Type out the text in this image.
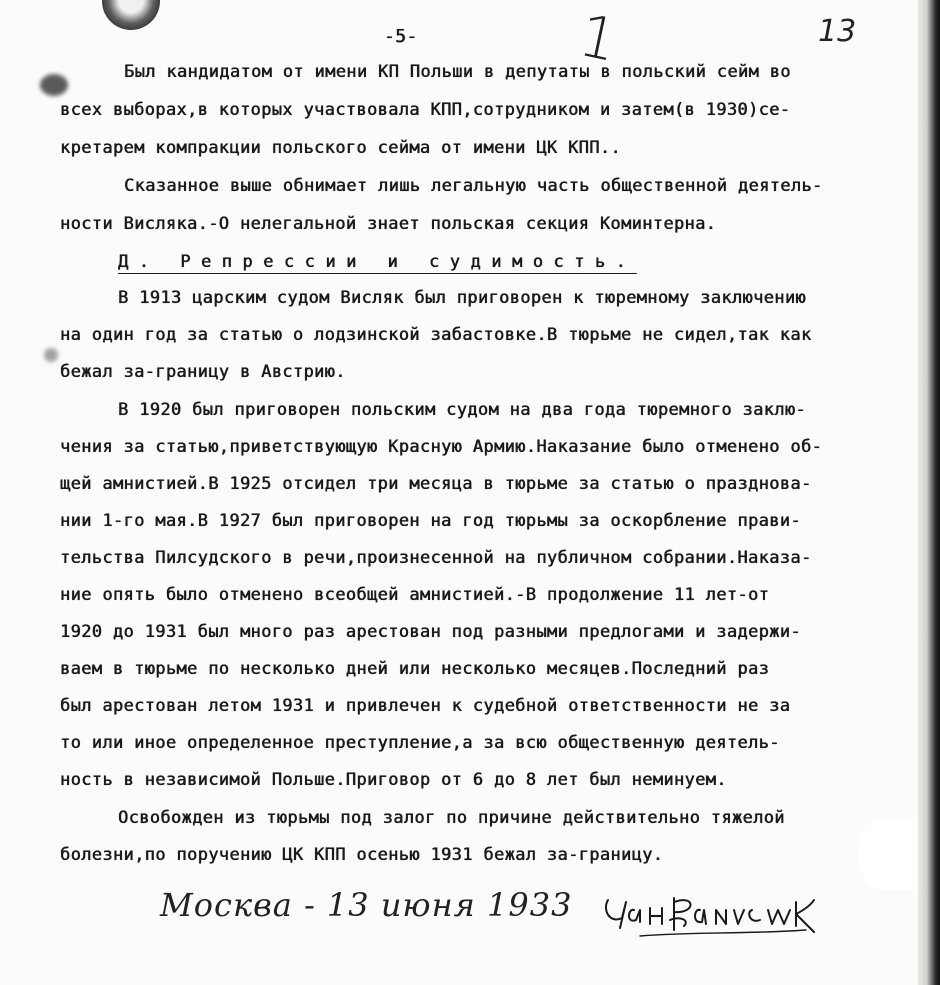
-5-	1	13
Был кандидатом от имени КП Польши в депутаты в польский сейм во
всех выборах,в которых участвовала КПП,сотрудником и затем(в 1930)се-
кретарем компракции польского сейма от имени ЦК КПП..
Сказанное выше обнимает лишь легальную часть общественной деятель-
ности Висляка.-О нелегальной знает польская секция Коминтерна.
Д. Репрессии и судимость.
В 1913 царским судом Висляк был приговорен к тюремному заключению
на один год за статью о лодзинской забастовке.В тюрьме не сидел,так как
бежал за-границу в Австрию.
В 1920 был приговорен польским судом на два года тюремного заклю-
чения за статью,приветствующую Красную Армию.Наказание было отменено об-
щей амнистией.В 1925 отсидел три месяца в тюрьме за статью о празднова-
нии 1-го мая.В 1927 был приговорен на год тюрьмы за оскорбление прави-
тельства Пилсудского в речи,произнесенной на публичном собрании.Наказа-
ние опять было отменено всеобщей амнистией.-В продолжение 11 лет-от
1920 до 1931 был много раз арестован под разными предлогами и задержи-
ваем в тюрьме по несколько дней или несколько месяцев.Последний раз
был арестован летом 1931 и привлечен к судебной ответственности не за
то или иное определенное преступление,а за всю общественную деятель-
ность в независимой Польше.Приговор от 6 до 8 лет был неминуем.
Освобожден из тюрьмы под залог по причине действительно тяжелой
болезни,по поручению ЦК КПП осенью 1931 бежал за-границу.
Москва - 13 июня 1933
